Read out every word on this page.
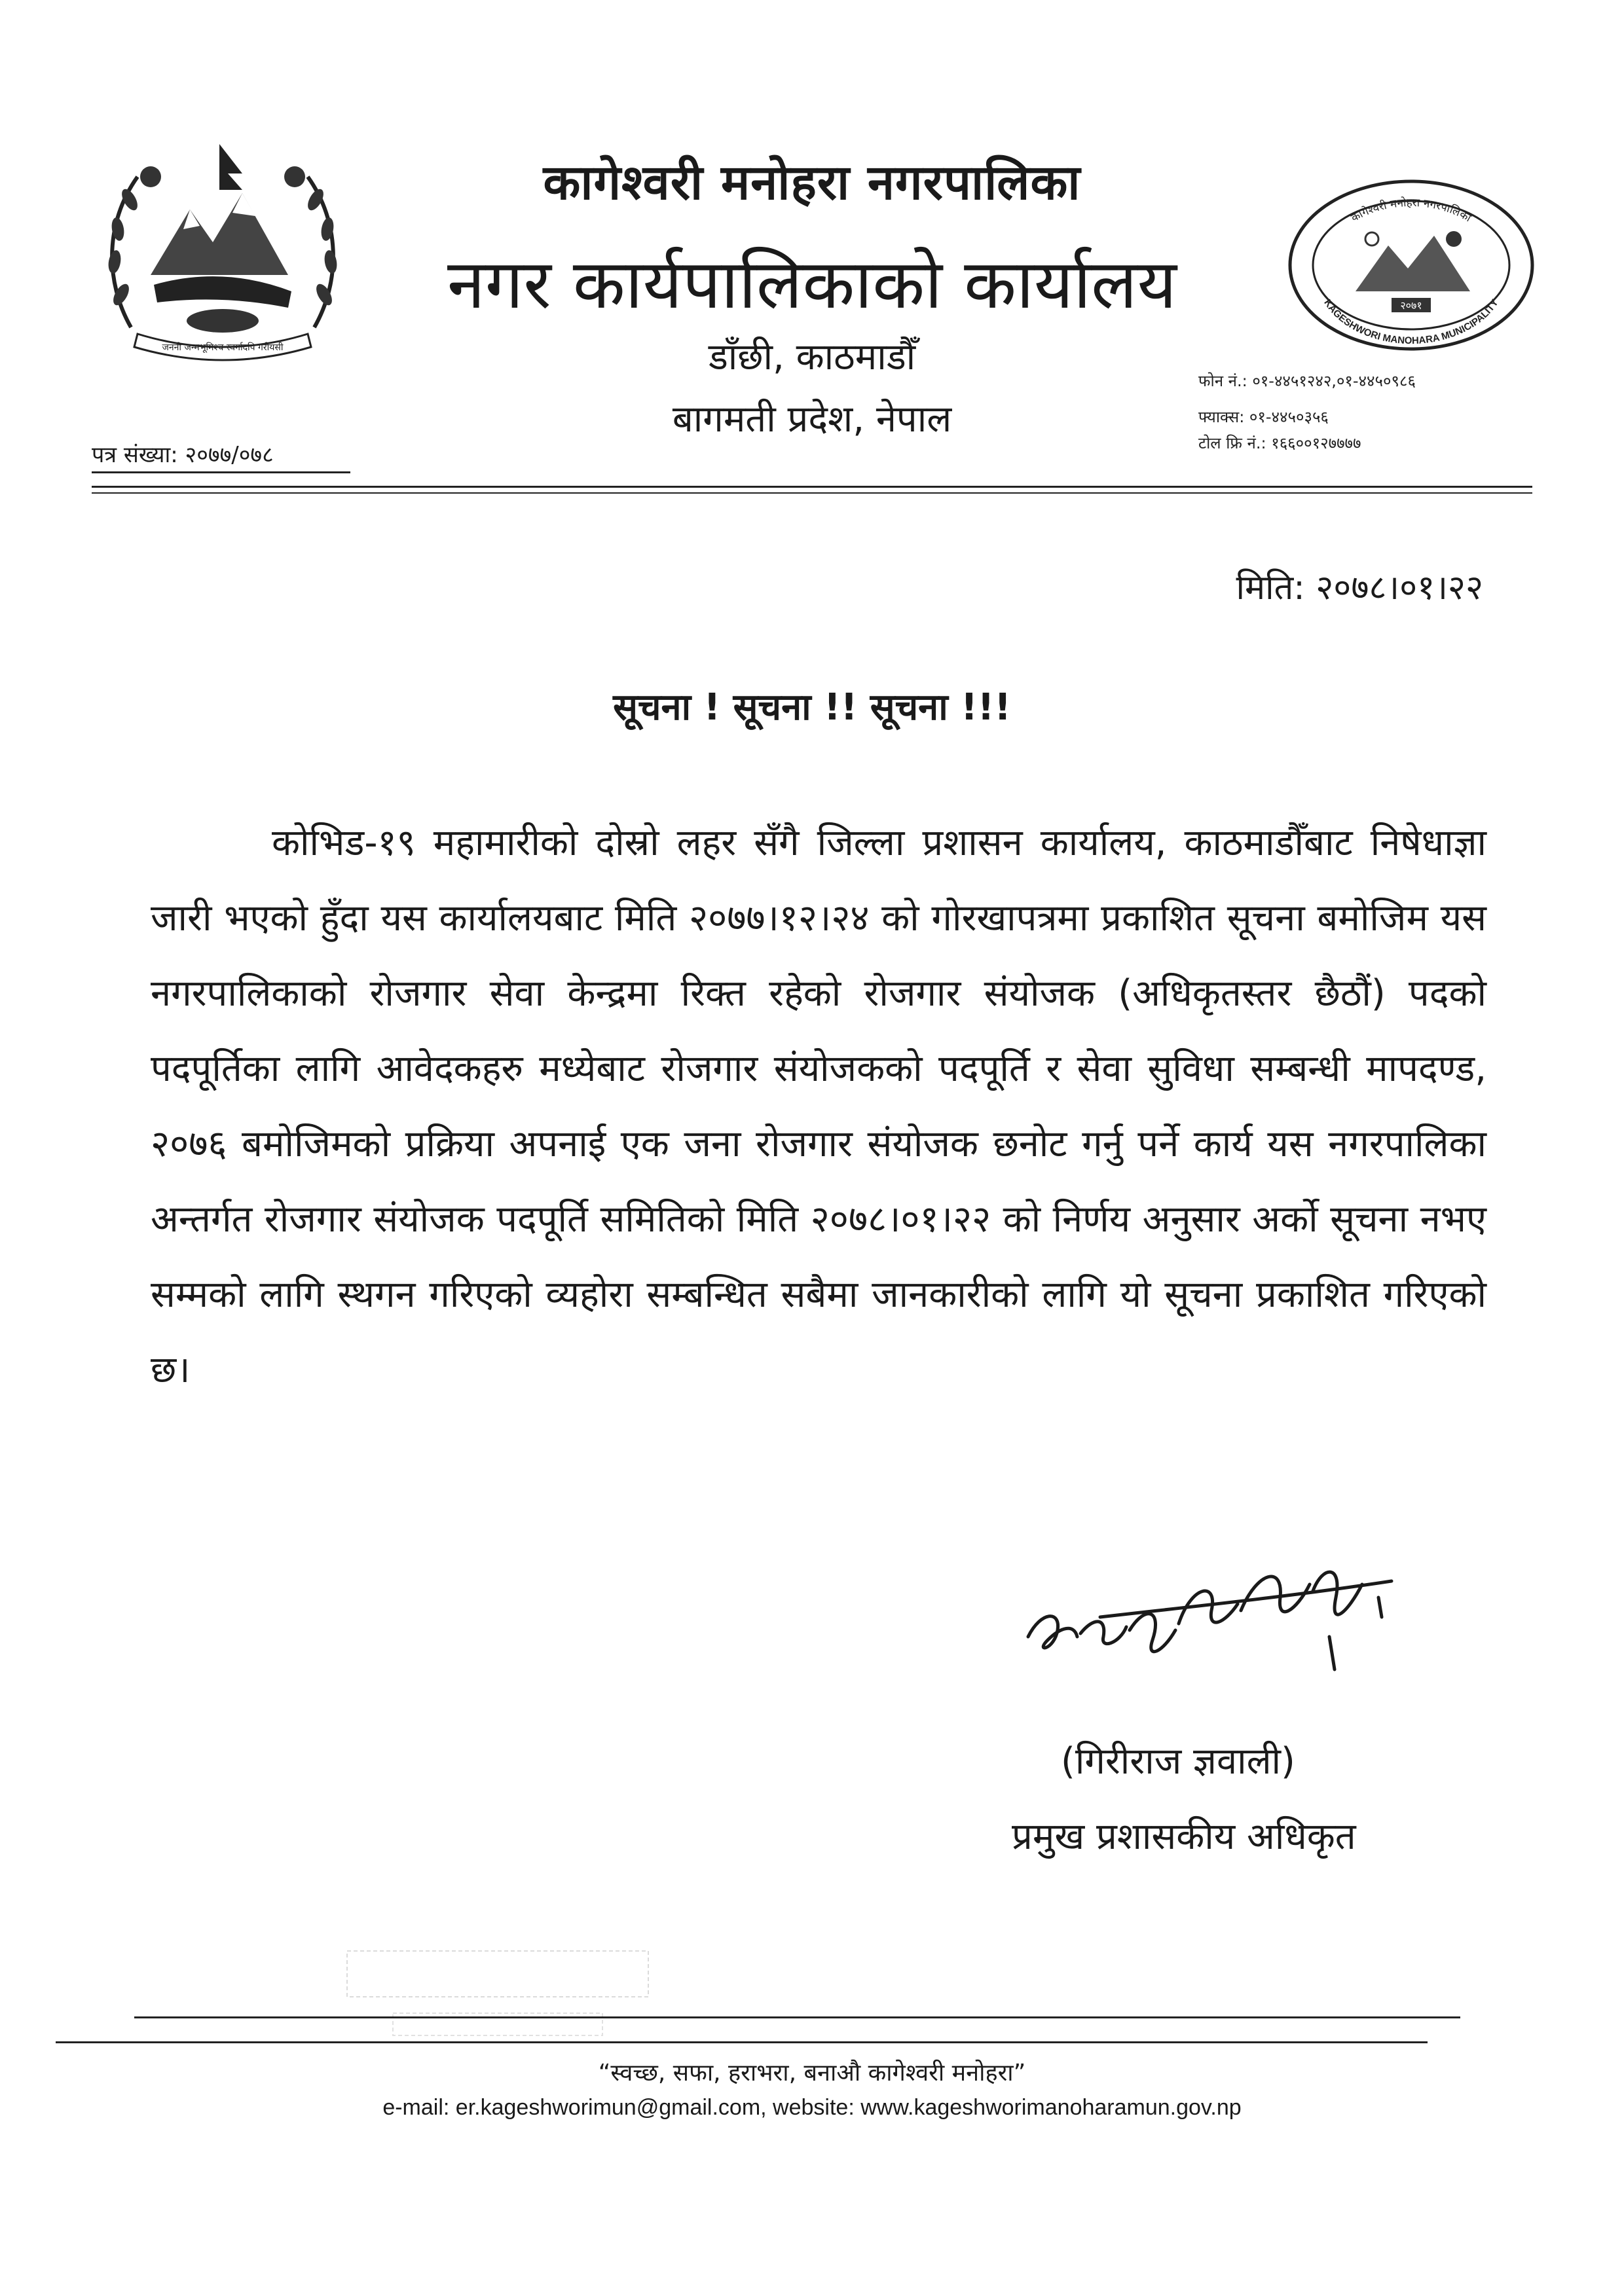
जननी जन्मभूमिश्च स्वर्गादपि गरीयसी
कागेश्वरी मनोहरा नगरपालिका
KAGESHWORI MANOHARA MUNICIPALITY
२०७१
कागेश्वरी मनोहरा नगरपालिका
नगर कार्यपालिकाको कार्यालय
डाँछी, काठमाडौँ
बागमती प्रदेश, नेपाल
फोन नं.: ०१-४४५१२४२,०१-४४५०९८६
फ्याक्स: ०१-४४५०३५६
टोल फ्रि नं.: १६६००१२७७७७
पत्र संख्या: २०७७/०७८
मिति: २०७८।०१।२२
सूचना ! सूचना !! सूचना !!!
कोभिड-१९ महामारीको दोस्रो लहर सँगै जिल्ला प्रशासन कार्यालय, काठमाडौँबाट निषेधाज्ञा जारी भएको हुँदा यस कार्यालयबाट मिति २०७७।१२।२४ को गोरखापत्रमा प्रकाशित सूचना बमोजिम यस नगरपालिकाको रोजगार सेवा केन्द्रमा रिक्त रहेको रोजगार संयोजक (अधिकृतस्तर छैठौं) पदको पदपूर्तिका लागि आवेदकहरु मध्येबाट रोजगार संयोजकको पदपूर्ति र सेवा सुविधा सम्बन्धी मापदण्ड, २०७६ बमोजिमको प्रक्रिया अपनाई एक जना रोजगार संयोजक छनोट गर्नु पर्ने कार्य यस नगरपालिका अन्तर्गत रोजगार संयोजक पदपूर्ति समितिको मिति २०७८।०१।२२ को निर्णय अनुसार अर्को सूचना नभए सम्मको लागि स्थगन गरिएको व्यहोरा सम्बन्धित सबैमा जानकारीको लागि यो सूचना प्रकाशित गरिएको छ।
(गिरीराज ज्ञवाली)
प्रमुख प्रशासकीय अधिकृत
“स्वच्छ, सफा, हराभरा, बनाऔ कागेश्वरी मनोहरा”
e-mail: er.kageshworimun@gmail.com, website: www.kageshworimanoharamun.gov.np
